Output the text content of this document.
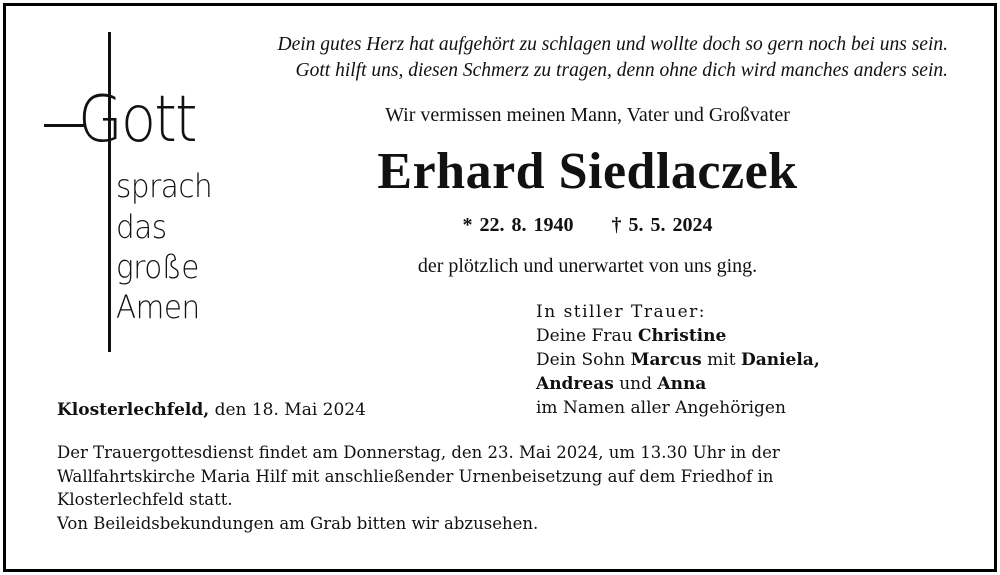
Gott
sprach
das
große
Amen
Dein gutes Herz hat aufgehört zu schlagen und wollte doch so gern noch bei uns sein.
Gott hilft uns, diesen Schmerz zu tragen, denn ohne dich wird manches anders sein.
Wir vermissen meinen Mann, Vater und Großvater
Erhard Siedlaczek
* 22. 8. 1940 † 5. 5. 2024
der plötzlich und unerwartet von uns ging.
In stiller Trauer:
Deine Frau Christine
Dein Sohn Marcus mit Daniela,
Andreas und Anna
im Namen aller Angehörigen
Klosterlechfeld, den 18. Mai 2024
Der Trauergottesdienst findet am Donnerstag, den 23. Mai 2024, um 13.30 Uhr in der
Wallfahrtskirche Maria Hilf mit anschließender Urnenbeisetzung auf dem Friedhof in
Klosterlechfeld statt.
Von Beileidsbekundungen am Grab bitten wir abzusehen.
